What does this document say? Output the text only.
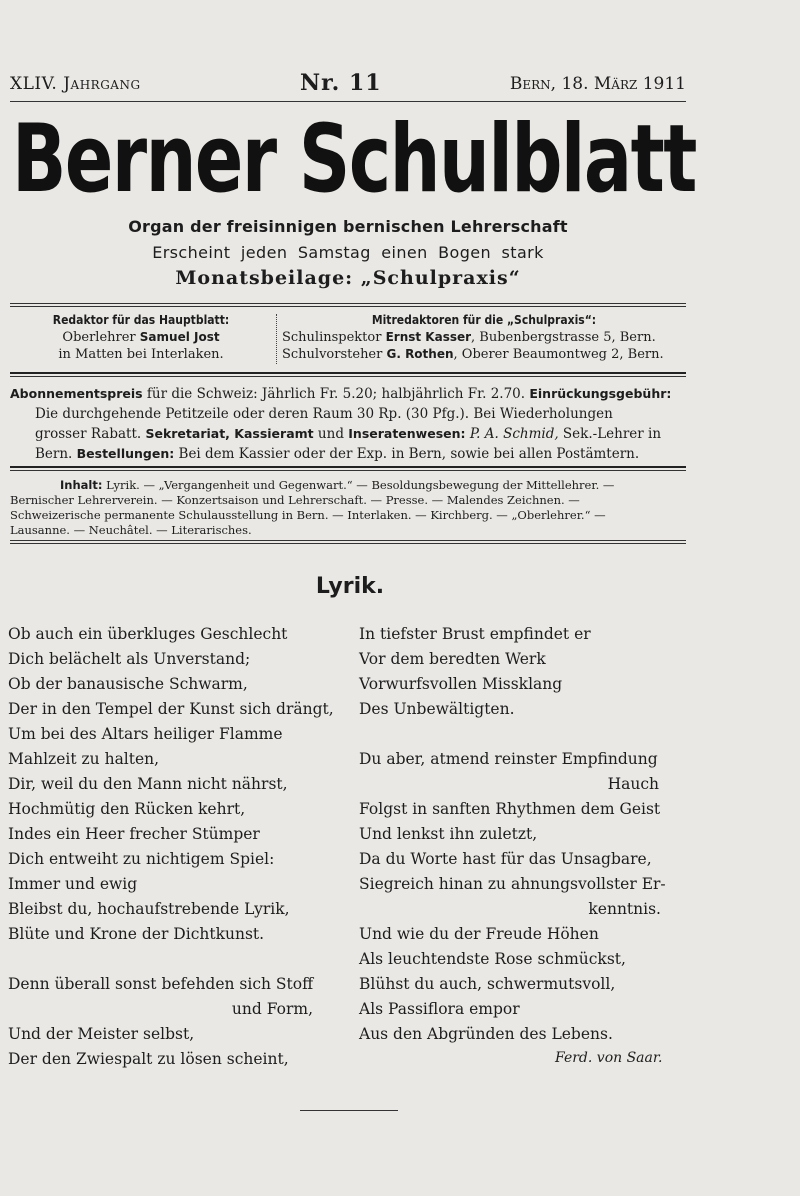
XLIV. Jahrgang	Nr. 11	Bern, 18. März 1911
Berner Schulblatt
Organ der freisinnigen bernischen Lehrerschaft
Erscheint jeden Samstag einen Bogen stark
Monatsbeilage: „Schulpraxis“
Redaktor für das Hauptblatt:
Oberlehrer Samuel Jost
in Matten bei Interlaken.
Mitredaktoren für die „Schulpraxis“:
Schulinspektor Ernst Kasser, Bubenbergstrasse 5, Bern.
Schulvorsteher G. Rothen, Oberer Beaumontweg 2, Bern.
Abonnementspreis für die Schweiz: Jährlich Fr. 5.20; halbjährlich Fr. 2.70. Einrückungsgebühr:
Die durchgehende Petitzeile oder deren Raum 30 Rp. (30 Pfg.). Bei Wiederholungen
grosser Rabatt. Sekretariat, Kassieramt und Inseratenwesen: P. A. Schmid, Sek.-Lehrer in
Bern. Bestellungen: Bei dem Kassier oder der Exp. in Bern, sowie bei allen Postämtern.
Inhalt: Lyrik. — „Vergangenheit und Gegenwart.“ — Besoldungsbewegung der Mittellehrer. —
Bernischer Lehrerverein. — Konzertsaison und Lehrerschaft. — Presse. — Malendes Zeichnen. —
Schweizerische permanente Schulausstellung in Bern. — Interlaken. — Kirchberg. — „Oberlehrer.“ —
Lausanne. — Neuchâtel. — Literarisches.
Lyrik.
Ob auch ein überkluges Geschlecht
Dich belächelt als Unverstand;
Ob der banausische Schwarm,
Der in den Tempel der Kunst sich drängt,
Um bei des Altars heiliger Flamme
Mahlzeit zu halten,
Dir, weil du den Mann nicht nährst,
Hochmütig den Rücken kehrt,
Indes ein Heer frecher Stümper
Dich entweiht zu nichtigem Spiel:
Immer und ewig
Bleibst du, hochaufstrebende Lyrik,
Blüte und Krone der Dichtkunst.
Denn überall sonst befehden sich Stoff
und Form,
Und der Meister selbst,
Der den Zwiespalt zu lösen scheint,
In tiefster Brust empfindet er
Vor dem beredten Werk
Vorwurfsvollen Missklang
Des Unbewältigten.
Du aber, atmend reinster Empfindung
Hauch
Folgst in sanften Rhythmen dem Geist
Und lenkst ihn zuletzt,
Da du Worte hast für das Unsagbare,
Siegreich hinan zu ahnungsvollster Er-
kenntnis.
Und wie du der Freude Höhen
Als leuchtendste Rose schmückst,
Blühst du auch, schwermutsvoll,
Als Passiflora empor
Aus den Abgründen des Lebens.
Ferd. von Saar.
